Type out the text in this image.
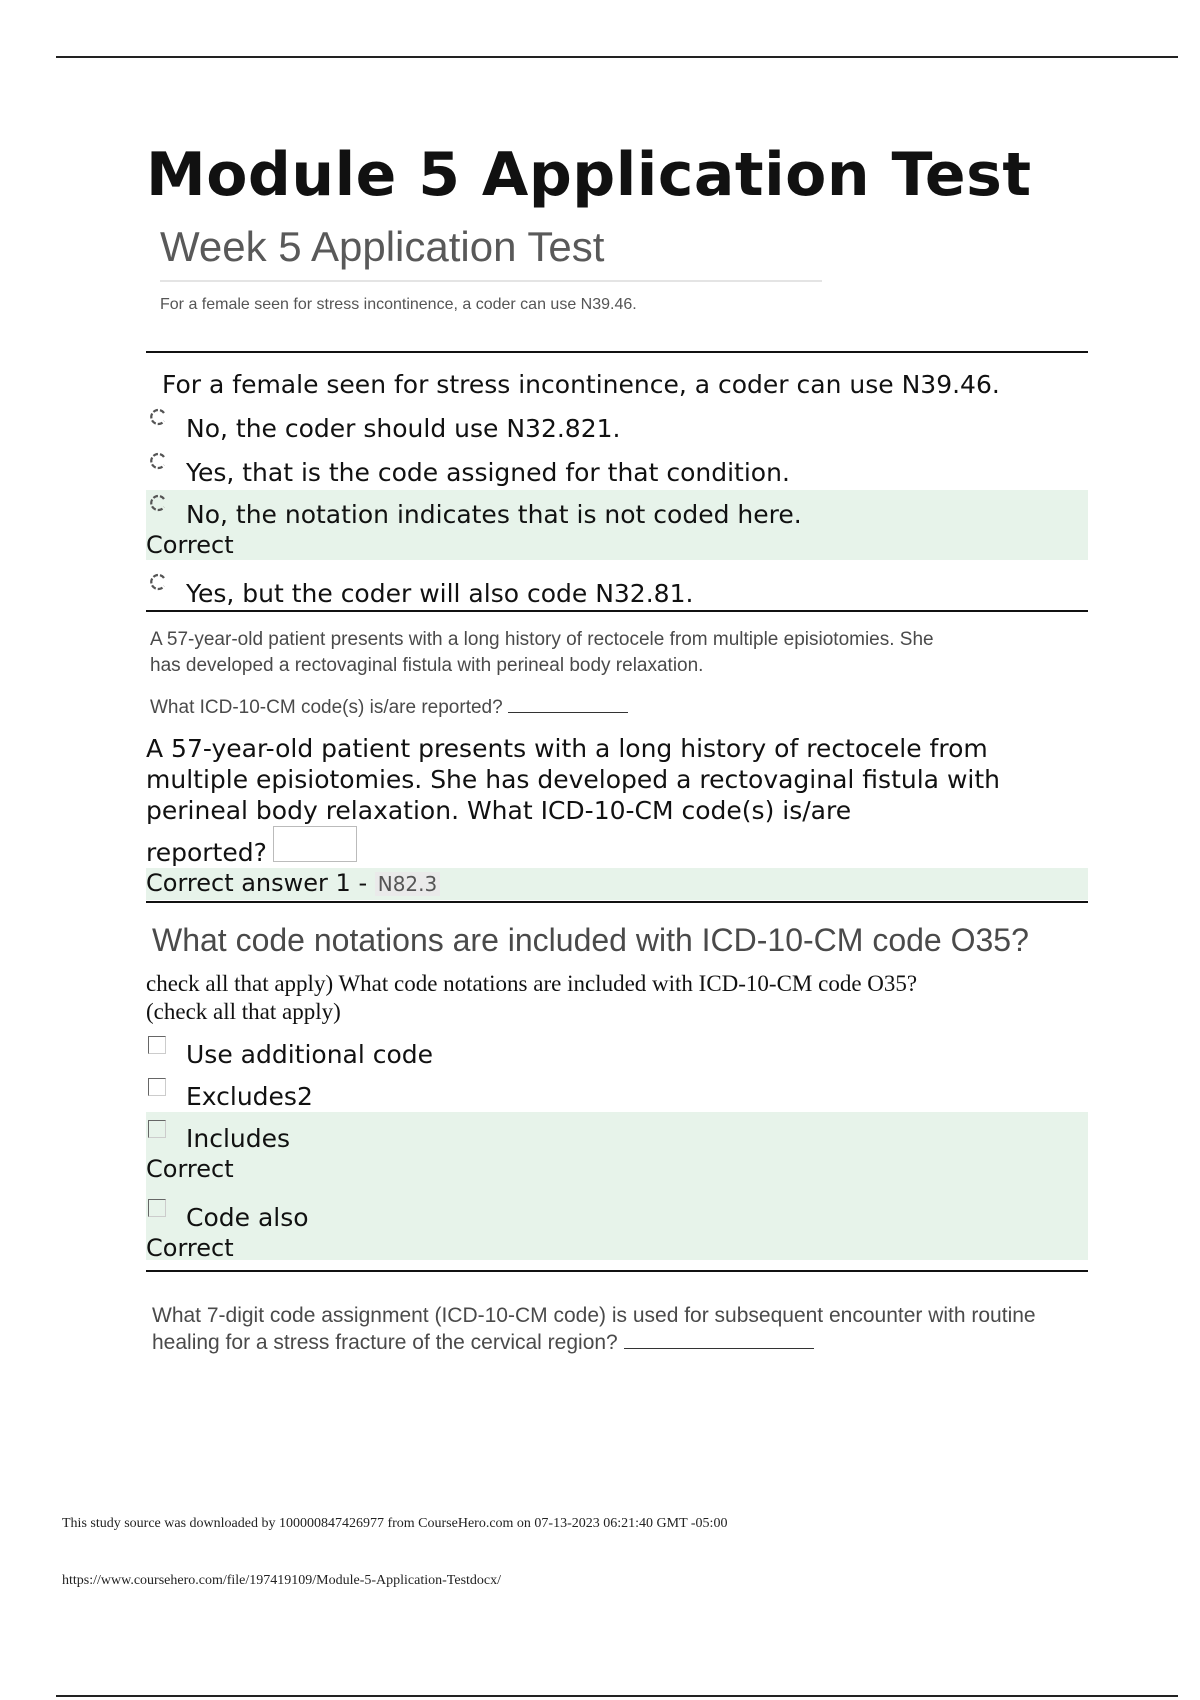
Module 5 Application Test
Week 5 Application Test
For a female seen for stress incontinence, a coder can use N39.46.
For a female seen for stress incontinence, a coder can use N39.46.
No, the coder should use N32.821.
Yes, that is the code assigned for that condition.
No, the notation indicates that is not coded here.
Correct
Yes, but the coder will also code N32.81.
A 57-year-old patient presents with a long history of rectocele from multiple episiotomies. She
has developed a rectovaginal fistula with perineal body relaxation.
What ICD-10-CM code(s) is/are reported?
A 57-year-old patient presents with a long history of rectocele from
multiple episiotomies. She has developed a rectovaginal fistula with
perineal body relaxation. What ICD-10-CM code(s) is/are
reported?
Correct answer 1 - N82.3
What code notations are included with ICD-10-CM code O35?
check all that apply) What code notations are included with ICD-10-CM code O35?
(check all that apply)
Use additional code
Excludes2
Includes
Correct
Code also
Correct
What 7-digit code assignment (ICD-10-CM code) is used for subsequent encounter with routine
healing for a stress fracture of the cervical region?
This study source was downloaded by 100000847426977 from CourseHero.com on 07-13-2023 06:21:40 GMT -05:00
https://www.coursehero.com/file/197419109/Module-5-Application-Testdocx/
